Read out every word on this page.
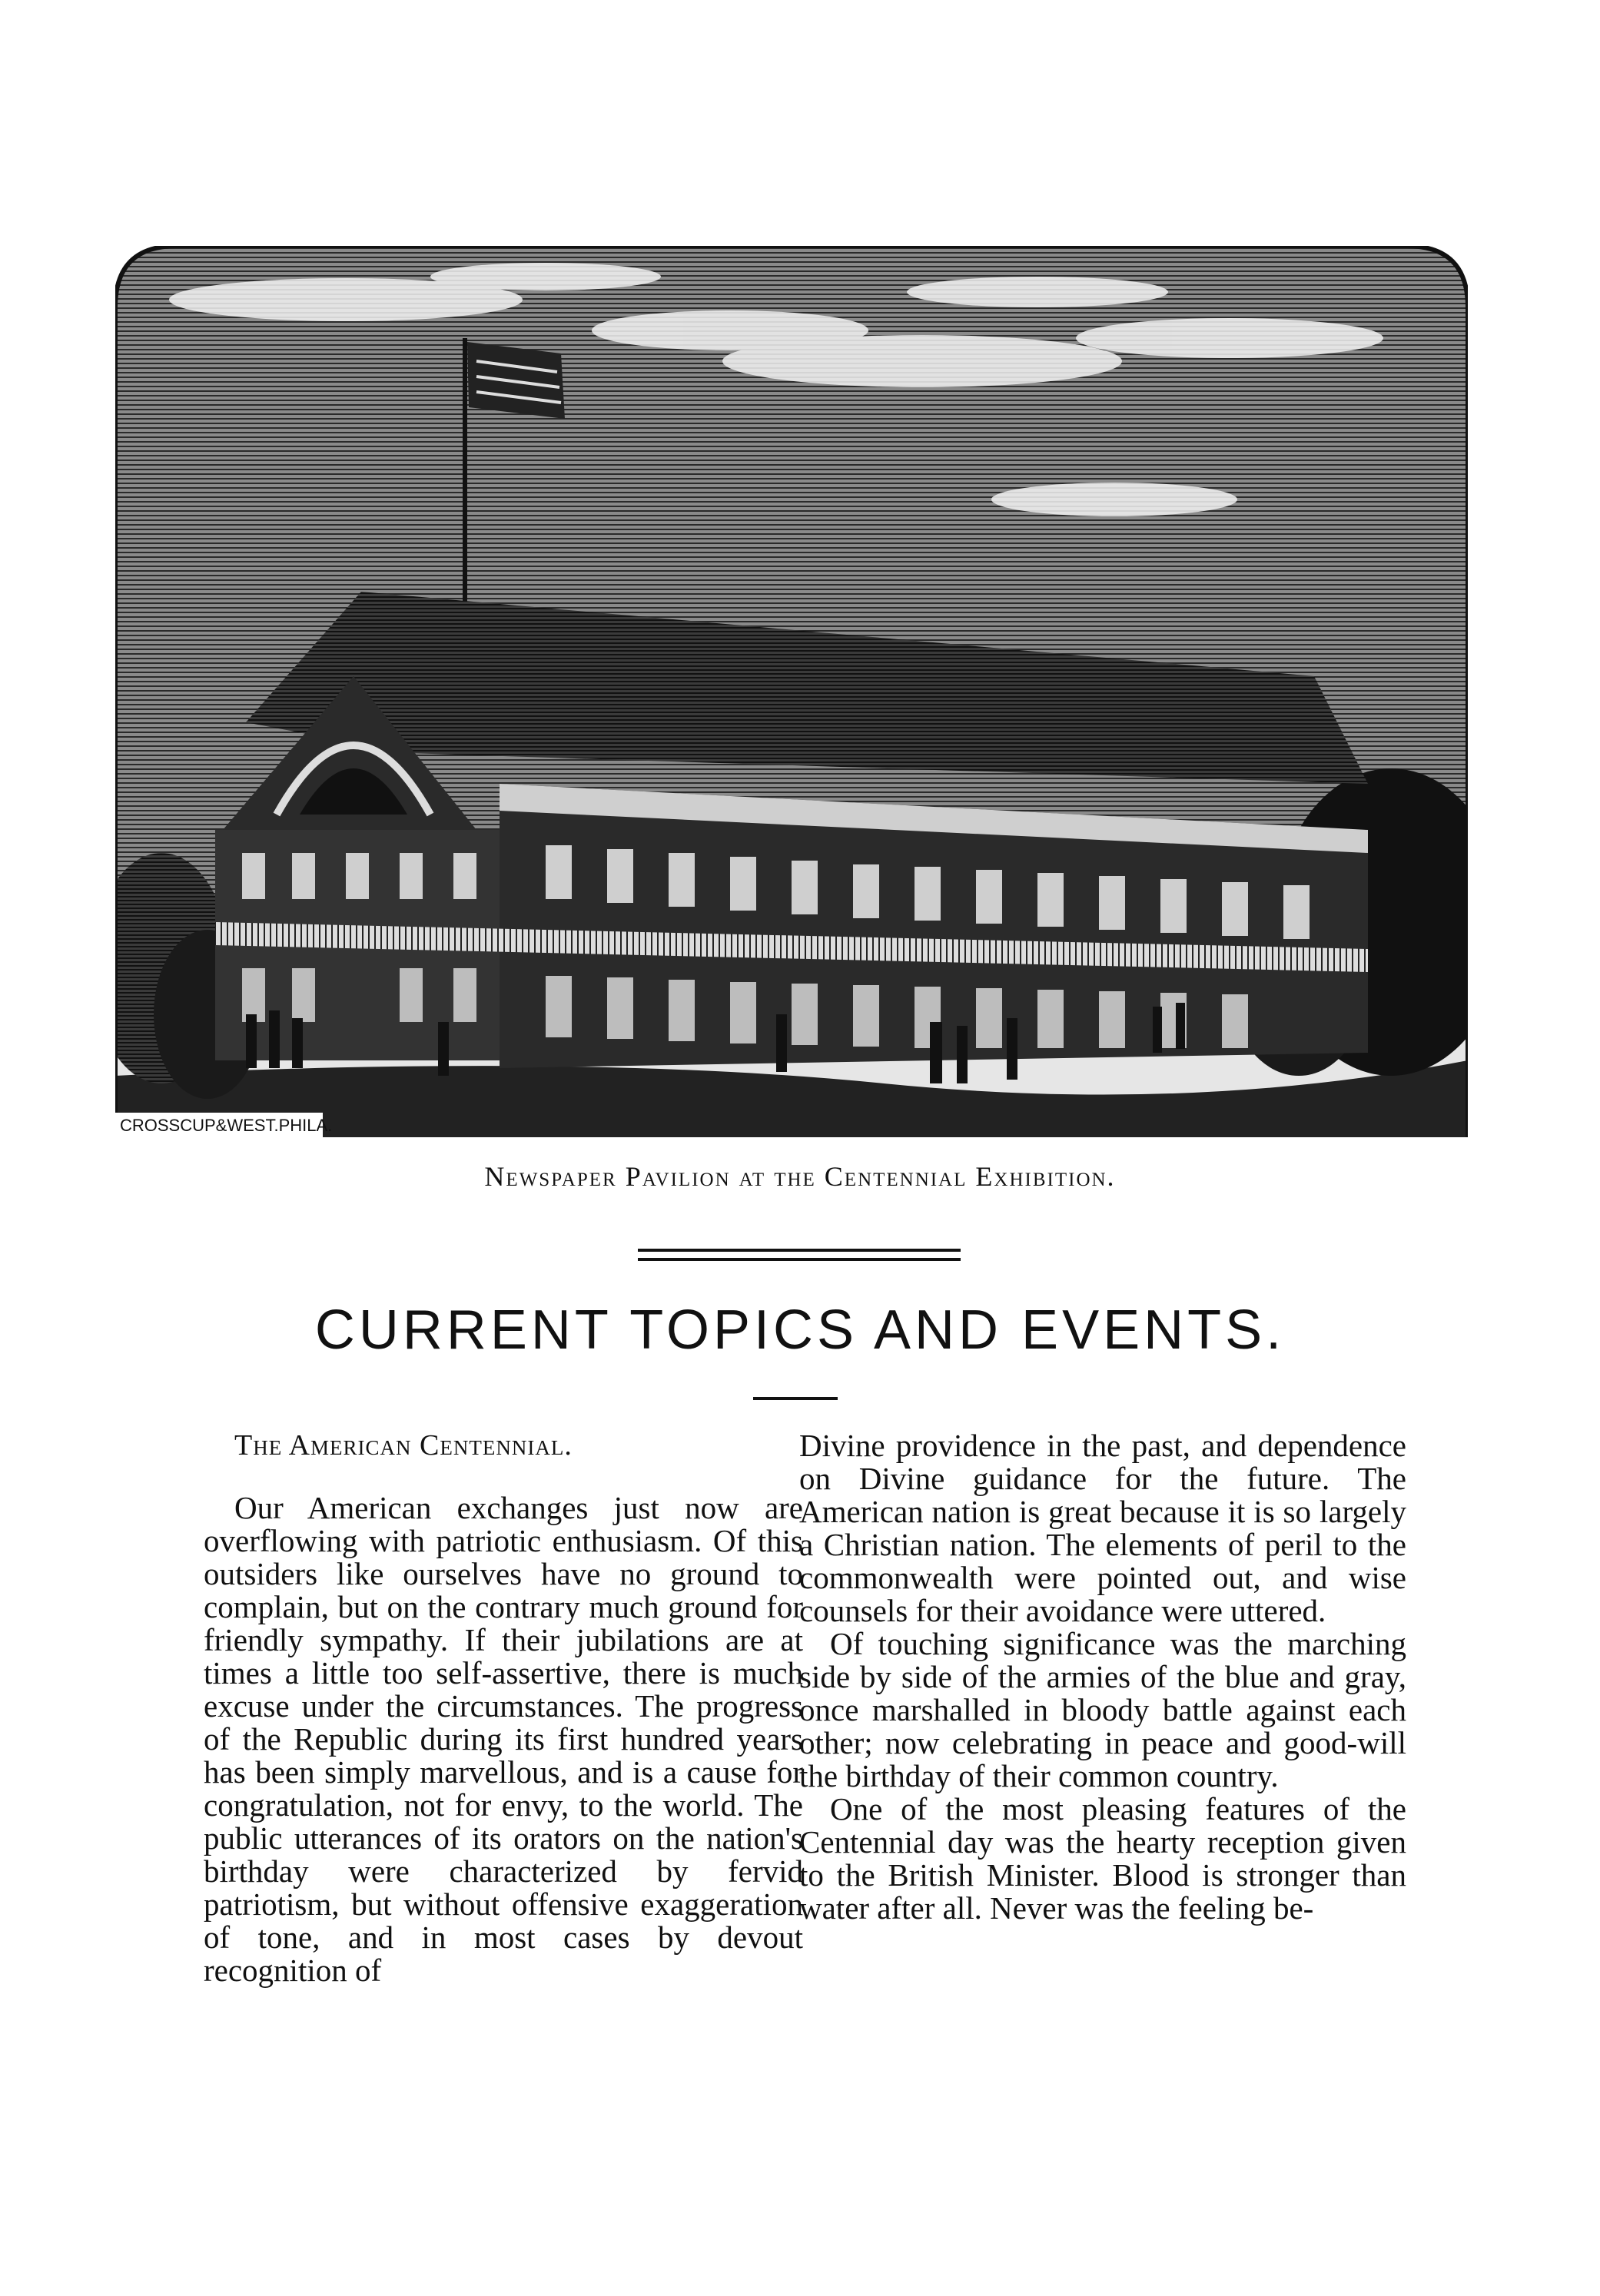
CROSSCUP&WEST.PHILA.
Newspaper Pavilion at the Centennial Exhibition.
CURRENT TOPICS AND EVENTS.
The American Centennial.

Our American exchanges just now are overflowing with patriotic enthusiasm. Of this outsiders like ourselves have no ground to complain, but on the contrary much ground for friendly sympathy. If their jubilations are at times a little too self-assertive, there is much excuse under the circumstances. The progress of the Republic during its first hundred years has been simply marvellous, and is a cause for congratulation, not for envy, to the world. The public utterances of its orators on the nation's birthday were characterized by fervid patriotism, but without offensive exaggeration of tone, and in most cases by devout recognition of

Divine providence in the past, and dependence on Divine guidance for the future. The American nation is great because it is so largely a Christian nation. The elements of peril to the commonwealth were pointed out, and wise counsels for their avoidance were uttered.

Of touching significance was the marching side by side of the armies of the blue and gray, once marshalled in bloody battle against each other; now celebrating in peace and good-will the birthday of their common country.

One of the most pleasing features of the Centennial day was the hearty reception given to the British Minister. Blood is stronger than water after all. Never was the feeling be-
